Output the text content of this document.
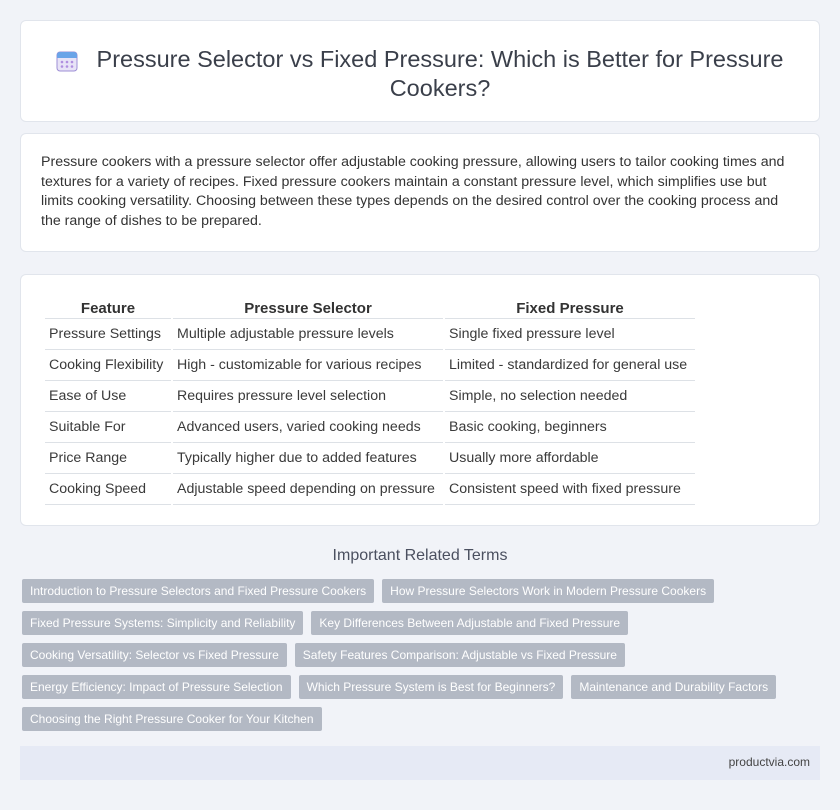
Pressure Selector vs Fixed Pressure: Which is Better for Pressure Cookers?

Pressure cookers with a pressure selector offer adjustable cooking pressure, allowing users to tailor cooking times and textures for a variety of recipes. Fixed pressure cookers maintain a constant pressure level, which simplifies use but limits cooking versatility. Choosing between these types depends on the desired control over the cooking process and the range of dishes to be prepared.

Feature	Pressure Selector	Fixed Pressure
Pressure Settings	Multiple adjustable pressure levels	Single fixed pressure level
Cooking Flexibility	High - customizable for various recipes	Limited - standardized for general use
Ease of Use	Requires pressure level selection	Simple, no selection needed
Suitable For	Advanced users, varied cooking needs	Basic cooking, beginners
Price Range	Typically higher due to added features	Usually more affordable
Cooking Speed	Adjustable speed depending on pressure	Consistent speed with fixed pressure
Important Related Terms
Introduction to Pressure Selectors and Fixed Pressure Cookers	How Pressure Selectors Work in Modern Pressure Cookers
Fixed Pressure Systems: Simplicity and Reliability	Key Differences Between Adjustable and Fixed Pressure
Cooking Versatility: Selector vs Fixed Pressure	Safety Features Comparison: Adjustable vs Fixed Pressure
Energy Efficiency: Impact of Pressure Selection	Which Pressure System is Best for Beginners?	Maintenance and Durability Factors
Choosing the Right Pressure Cooker for Your Kitchen
productvia.com
